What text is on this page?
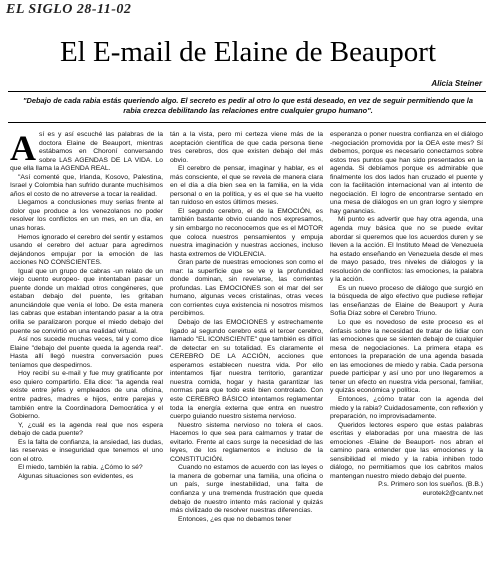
EL SIGLO 28-11-02
El E-mail de Elaine de Beauport
Alicia Steiner
"Debajo de cada rabia estás queriendo algo. El secreto es pedir al otro lo que está deseado, en vez de seguir permitiendo que la rabia crezca debilitando las relaciones entre cualquier grupo humano".

Así es y así escuché las palabras de la doctora Elaine de Beauport, mientras estábamos en Choroní conversando sobre LAS AGENDAS DE LA VIDA. Lo que ella llama la AGENDA REAL.

"Así comenté que, Irlanda, Kosovo, Palestina, Israel y Colombia han sufrido durante muchísimos años el costo de no atreverse a tocar la realidad.

Llegamos a conclusiones muy serias frente al dolor que produce a los venezolanos no poder resolver los conflictos en un mes, en un día, en unas horas.

Hemos ignorado el cerebro del sentir y estamos usando el cerebro del actuar para agredirnos dejándonos empujar por la emoción de las acciones NO CONSCIENTES.

Igual que un grupo de cabras -un relato de un viejo cuento europeo- que intentaban pasar un puente donde un maldad otros congéneres, que estaban debajo del puente, les gritaban anunciándole que venía el lobo. De esta manera las cabras que estaban intentando pasar a la otra orilla se paralizaron porque el miedo debajo del puente se convirtió en una realidad virtual.

Así nos sucede muchas veces, tal y como dice Elaine "debajo del puente queda la agenda real". Hasta allí llegó nuestra conversación pues teníamos que despedirnos.

Hoy recibí su e-mail y fue muy gratificante por eso quiero compartirlo. Ella dice: "la agenda real existe entre jefes y empleados de una oficina, entre padres, madres e hijos, entre parejas y también entre la Coordinadora Democrática y el Gobierno.

Y, ¿cuál es la agenda real que nos espera debajo de cada puente?

Es la falta de confianza, la ansiedad, las dudas, las reservas e inseguridad que tenemos el uno con el otro.

El miedo, también la rabia. ¿Cómo lo sé?

Algunas situaciones son evidentes, es

tán a la vista, pero mi certeza viene más de la aceptación científica de que cada persona tiene tres cerebros, dos que existen debajo del más obvio.

El cerebro de pensar, imaginar y hablar, es el más consciente, el que se revela de manera clara en el día a día bien sea en la familia, en la vida personal o en la política, y es el que se ha vuelto tan ruidoso en estos últimos meses.

El segundo cerebro, el de la EMOCIÓN, es también bastante obvio cuando nos expresamos, y sin embargo no reconocemos que es el MOTOR que coloca nuestros pensamientos y empuja nuestra imaginación y nuestras acciones, incluso hasta extremos de VIOLENCIA.

Gran parte de nuestras emociones son como el mar: la superficie que se ve y la profundidad donde dominan, sin revelarse, las corrientes profundas. Las EMOCIONES son el mar del ser humano, algunas veces cristalinas, otras veces con corrientes cuya existencia ni nosotros mismos percibimos.

Debajo de las EMOCIONES y estrechamente ligado al segundo cerebro está el tercer cerebro, llamado "EL ICONSCIENTE" que también es difícil de detectar en su totalidad. Es claramente el CEREBRO DE LA ACCIÓN, acciones que esperamos establecen nuestra vida. Por ello intentamos fijar nuestra territorio, garantizar nuestra comida, hogar y hasta garantizar las normas para que todo esté bien controlado. Con este CEREBRO BÁSICO intentamos reglamentar toda la energía externa que entra en nuestro cuerpo guiando nuestro sistema nervioso.

Nuestro sistema nervioso no tolera el caos. Hacemos lo que sea para calmarnos y tratar de evitarlo. Frente al caos surge la necesidad de las leyes, de los reglamentos e incluso de la CONSTITUCIÓN.

Cuando no estamos de acuerdo con las leyes o la manera de gobernar una familia, una oficina o un país, surge inestabilidad, una falta de confianza y una tremenda frustración que queda debajo de nuestro intento más racional y quizás más civilizado de resolver nuestras diferencias.

Entonces, ¿es que no debamos tener

esperanza o poner nuestra confianza en el diálogo -negociación promovida por la OEA este mes? Sí debemos, porque es necesario conectarnos sobre estos tres puntos que han sido presentados en la agenda. Si debíamos porque es admirable que finalmente los dos lados han cruzado el puente y con la facilitación internacional van al intento de negociación. El logro de encontrarse sentado en una mesa de diálogos en un gran logro y siempre hay ganancias.

Mi punto es advertir que hay otra agenda, una agenda muy básica que no se puede evitar abordar si queremos que los acuerdos duren y se lleven a la acción. El Instituto Mead de Venezuela ha estado enseñando en Venezuela desde el mes de mayo pasado, tres niveles de diálogos y la resolución de conflictos: las emociones, la palabra y la acción.

Es un nuevo proceso de diálogo que surgió en la búsqueda de algo efectivo que pudiese reflejar las enseñanzas de Elaine de Beauport y Aura Sofía Díaz sobre el Cerebro Triuno.

Lo que es novedoso de este proceso es el énfasis sobre la necesidad de tratar de lidiar con las emociones que se sienten debajo de cualquier mesa de negociaciones. La primera etapa es entonces la preparación de una agenda basada en las emociones de miedo y rabia. Cada persona puede participar y así uno por uno llegaremos a tener un efecto en nuestra vida personal, familiar, y quizás económica y política.

Entonces, ¿cómo tratar con la agenda del miedo y la rabia? Cuidadosamente, con reflexión y preparación, no improvisadamente.

Queridos lectores espero que estas palabras escritas y elaboradas por una maestra de las emociones -Elaine de Beauport- nos abran el camino para entender que las emociones y la sensibilidad el miedo y la rabia inhiben todo diálogo, no permitiamos que los cabritos malos mantengan nuestro miedo debajo del puente.

P.s. Primero son los sueños. (B.B.)
eurotek2@cantv.net
